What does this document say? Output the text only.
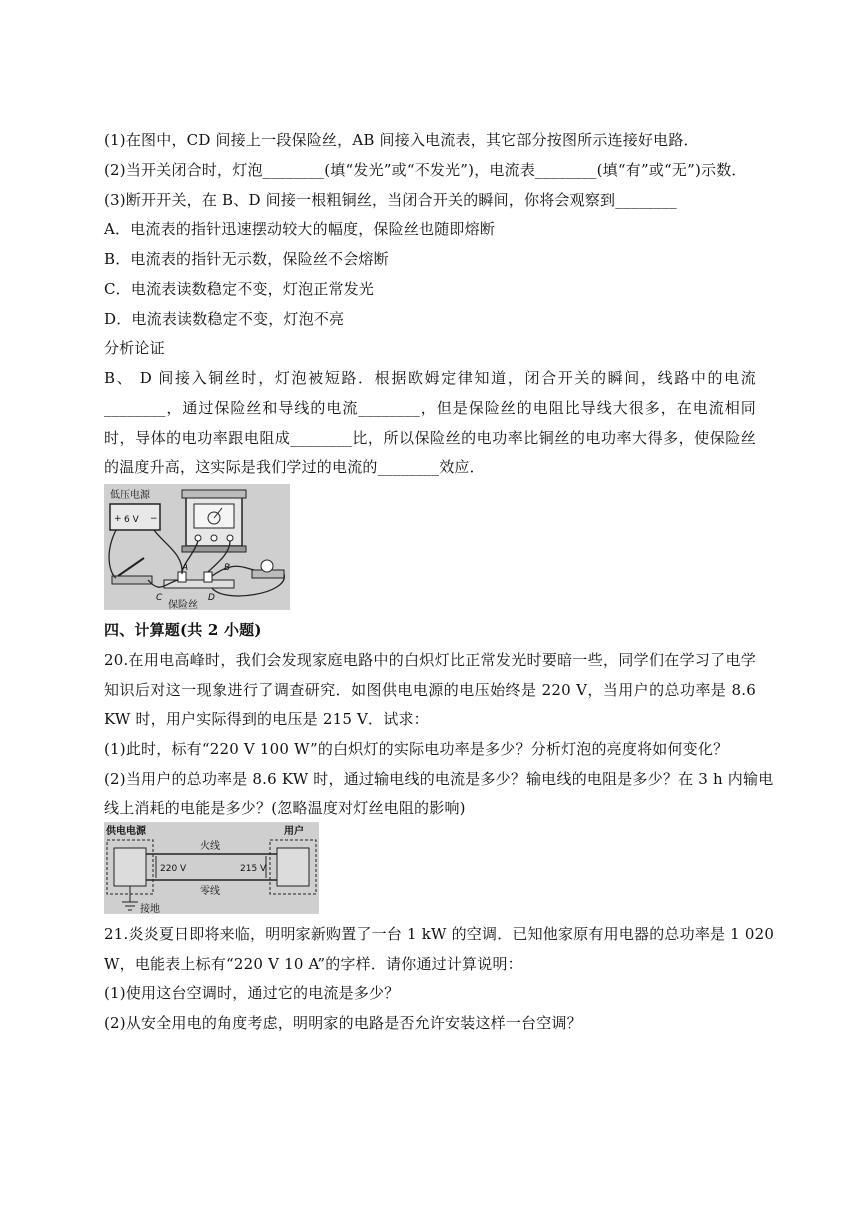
(1)在图中，CD 间接上一段保险丝，AB 间接入电流表，其它部分按图所示连接好电路．
(2)当开关闭合时，灯泡________(填“发光”或“不发光”)，电流表________(填“有”或“无”)示数．
(3)断开开关，在 B、D 间接一根粗铜丝，当闭合开关的瞬间，你将会观察到________
A．电流表的指针迅速摆动较大的幅度，保险丝也随即熔断
B．电流表的指针无示数，保险丝不会熔断
C．电流表读数稳定不变，灯泡正常发光
D．电流表读数稳定不变，灯泡不亮
分析论证
B、 D 间接入铜丝时，灯泡被短路．根据欧姆定律知道，闭合开关的瞬间，线路中的电流
________，通过保险丝和导线的电流________，但是保险丝的电阻比导线大很多，在电流相同
时，导体的电功率跟电阻成________比，所以保险丝的电功率比铜丝的电功率大得多，使保险丝
的温度升高，这实际是我们学过的电流的________效应．
低压电源
+ 6 V −
A	B
C	D
保险丝
四、计算题(共 2 小题)
20.在用电高峰时，我们会发现家庭电路中的白炽灯比正常发光时要暗一些，同学们在学习了电学
知识后对这一现象进行了调查研究．如图供电电源的电压始终是 220 V，当用户的总功率是 8.6
KW 时，用户实际得到的电压是 215 V．试求：
(1)此时，标有“220 V 100 W”的白炽灯的实际电功率是多少？分析灯泡的亮度将如何变化？
(2)当用户的总功率是 8.6 KW 时，通过输电线的电流是多少？输电线的电阻是多少？在 3 h 内输电
线上消耗的电能是多少？(忽略温度对灯丝电阻的影响)
供电电源	用户
火线
零线
220 V	215 V
接地
21.炎炎夏日即将来临，明明家新购置了一台 1 kW 的空调．已知他家原有用电器的总功率是 1 020
W，电能表上标有“220 V 10 A”的字样．请你通过计算说明：
(1)使用这台空调时，通过它的电流是多少？
(2)从安全用电的角度考虑，明明家的电路是否允许安装这样一台空调？
